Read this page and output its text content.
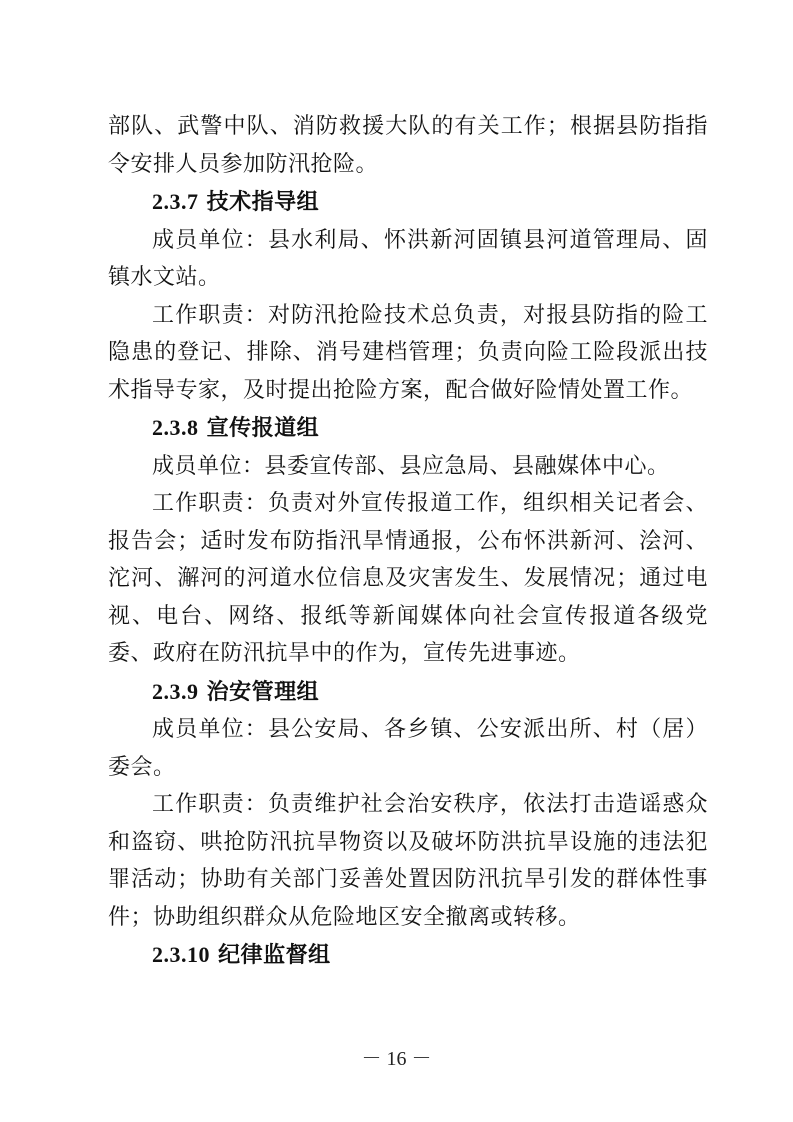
部队、武警中队、消防救援大队的有关工作；根据县防指指令安排人员参加防汛抢险。

2.3.7 技术指导组

成员单位：县水利局、怀洪新河固镇县河道管理局、固镇水文站。

工作职责：对防汛抢险技术总负责，对报县防指的险工隐患的登记、排除、消号建档管理；负责向险工险段派出技术指导专家，及时提出抢险方案，配合做好险情处置工作。

2.3.8 宣传报道组

成员单位：县委宣传部、县应急局、县融媒体中心。

工作职责：负责对外宣传报道工作，组织相关记者会、报告会；适时发布防指汛旱情通报，公布怀洪新河、浍河、沱河、澥河的河道水位信息及灾害发生、发展情况；通过电视、电台、网络、报纸等新闻媒体向社会宣传报道各级党委、政府在防汛抗旱中的作为，宣传先进事迹。

2.3.9 治安管理组

成员单位：县公安局、各乡镇、公安派出所、村（居）委会。

工作职责：负责维护社会治安秩序，依法打击造谣惑众和盗窃、哄抢防汛抗旱物资以及破坏防洪抗旱设施的违法犯罪活动；协助有关部门妥善处置因防汛抗旱引发的群体性事件；协助组织群众从危险地区安全撤离或转移。

2.3.10 纪律监督组

－ 16 －
